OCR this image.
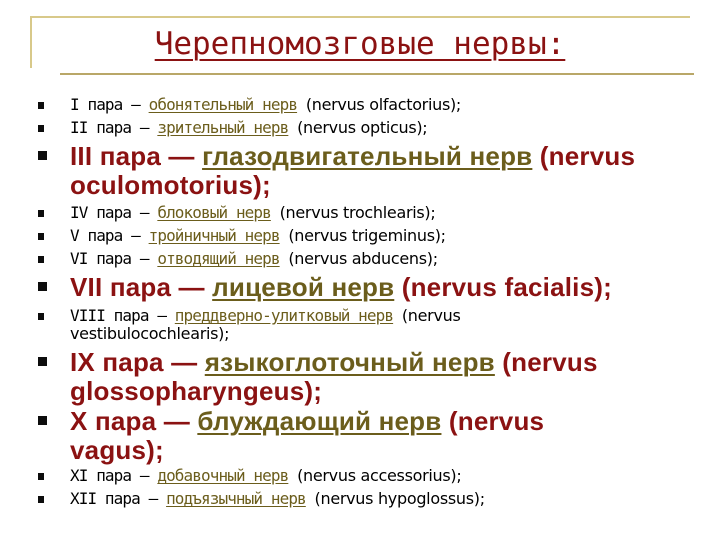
Черепномозговые нервы:
I пара — обонятельный нерв (nervus olfactorius);
II пара — зрительный нерв (nervus opticus);
III пара — глазодвигательный нерв (nervus
oculomotorius);
IV пара — блоковый нерв (nervus trochlearis);
V пара — тройничный нерв (nervus trigeminus);
VI пара — отводящий нерв (nervus abducens);
VII пара — лицевой нерв (nervus facialis);
VIII пара — преддверно-улитковый нерв (nervus
vestibulocochlearis);
IX пара — языкоглоточный нерв (nervus
glossopharyngeus);
X пара — блуждающий нерв (nervus
vagus);
XI пара — добавочный нерв (nervus accessorius);
XII пара — подъязычный нерв (nervus hypoglossus);
